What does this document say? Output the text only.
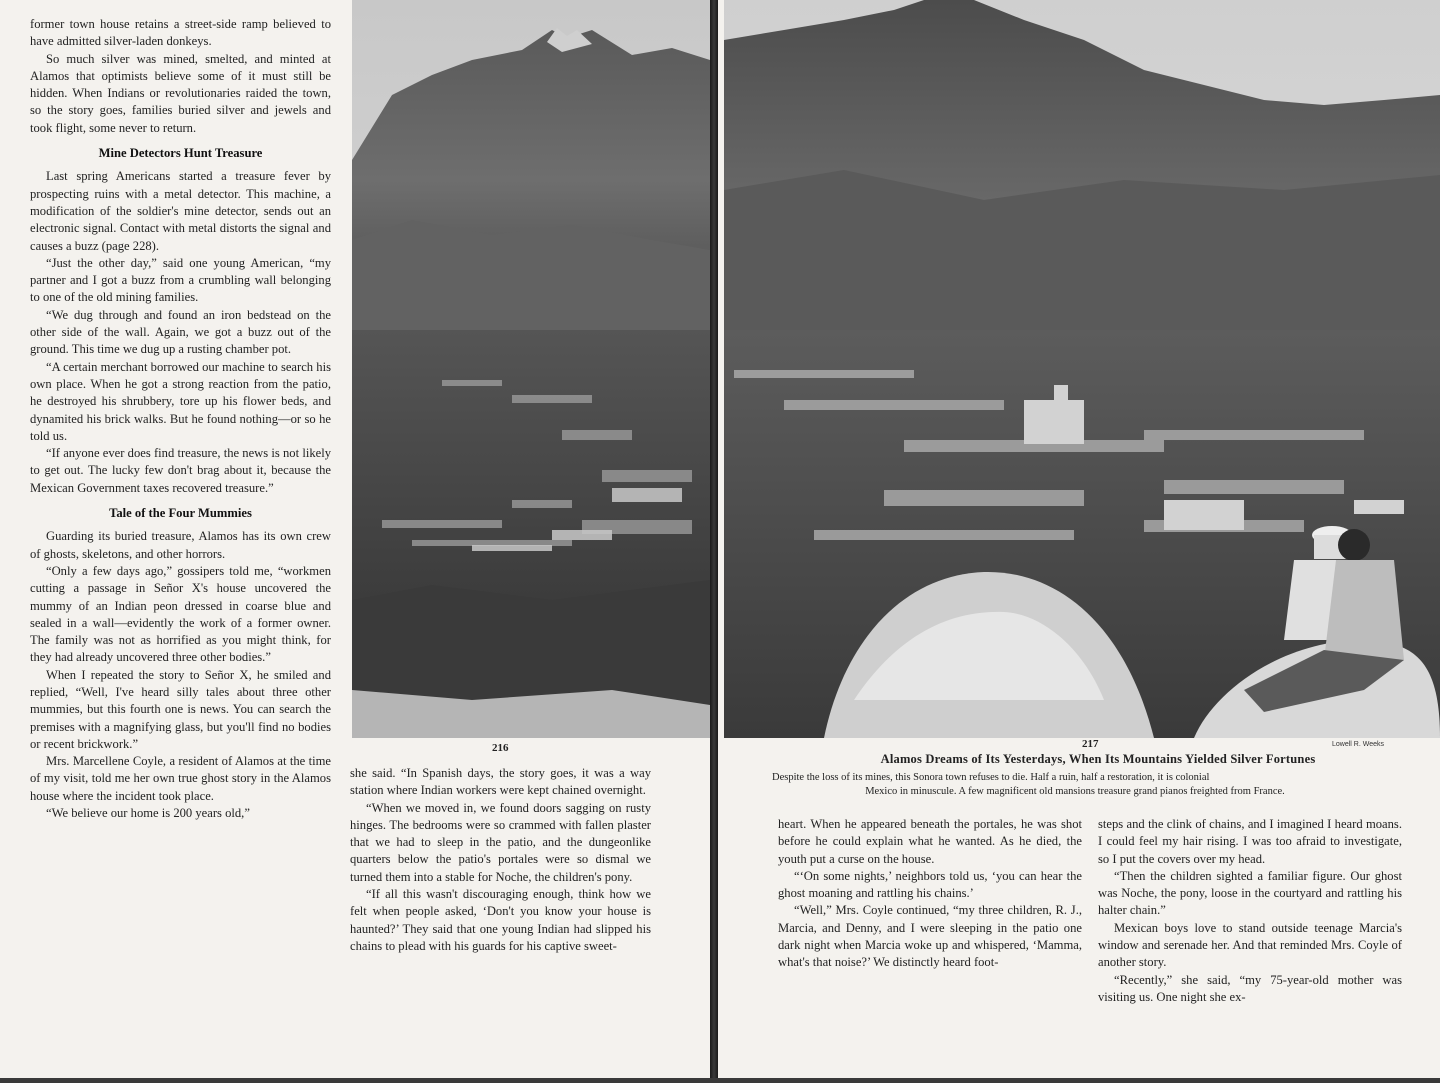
former town house retains a street-side ramp believed to have admitted silver-laden donkeys.

So much silver was mined, smelted, and minted at Alamos that optimists believe some of it must still be hidden. When Indians or revolutionaries raided the town, so the story goes, families buried silver and jewels and took flight, some never to return.

Mine Detectors Hunt Treasure

Last spring Americans started a treasure fever by prospecting ruins with a metal detector. This machine, a modification of the soldier's mine detector, sends out an electronic signal. Contact with metal distorts the signal and causes a buzz (page 228).

“Just the other day,” said one young American, “my partner and I got a buzz from a crumbling wall belonging to one of the old mining families.

“We dug through and found an iron bedstead on the other side of the wall. Again, we got a buzz out of the ground. This time we dug up a rusting chamber pot.

“A certain merchant borrowed our machine to search his own place. When he got a strong reaction from the patio, he destroyed his shrubbery, tore up his flower beds, and dynamited his brick walks. But he found nothing—or so he told us.

“If anyone ever does find treasure, the news is not likely to get out. The lucky few don't brag about it, because the Mexican Government taxes recovered treasure.”

Tale of the Four Mummies

Guarding its buried treasure, Alamos has its own crew of ghosts, skeletons, and other horrors.

“Only a few days ago,” gossipers told me, “workmen cutting a passage in Señor X's house uncovered the mummy of an Indian peon dressed in coarse blue and sealed in a wall—evidently the work of a former owner. The family was not as horrified as you might think, for they had already uncovered three other bodies.”

When I repeated the story to Señor X, he smiled and replied, “Well, I've heard silly tales about three other mummies, but this fourth one is news. You can search the premises with a magnifying glass, but you'll find no bodies or recent brickwork.”

Mrs. Marcellene Coyle, a resident of Alamos at the time of my visit, told me her own true ghost story in the Alamos house where the incident took place.

“We believe our home is 200 years old,”

216

she said. “In Spanish days, the story goes, it was a way station where Indian workers were kept chained overnight.

“When we moved in, we found doors sagging on rusty hinges. The bedrooms were so crammed with fallen plaster that we had to sleep in the patio, and the dungeonlike quarters below the patio's portales were so dismal we turned them into a stable for Noche, the children's pony.

“If all this wasn't discouraging enough, think how we felt when people asked, ‘Don't you know your house is haunted?’ They said that one young Indian had slipped his chains to plead with his guards for his captive sweet-

217	Lowell R. Weeks
Alamos Dreams of Its Yesterdays, When Its Mountains Yielded Silver Fortunes
Despite the loss of its mines, this Sonora town refuses to die. Half a ruin, half a restoration, it is colonial
Mexico in minuscule. A few magnificent old mansions treasure grand pianos freighted from France.

heart. When he appeared beneath the portales, he was shot before he could explain what he wanted. As he died, the youth put a curse on the house.

“‘On some nights,’ neighbors told us, ‘you can hear the ghost moaning and rattling his chains.’

“Well,” Mrs. Coyle continued, “my three children, R. J., Marcia, and Denny, and I were sleeping in the patio one dark night when Marcia woke up and whispered, ‘Mamma, what's that noise?’ We distinctly heard foot-

steps and the clink of chains, and I imagined I heard moans. I could feel my hair rising. I was too afraid to investigate, so I put the covers over my head.

“Then the children sighted a familiar figure. Our ghost was Noche, the pony, loose in the courtyard and rattling his halter chain.”

Mexican boys love to stand outside teenage Marcia's window and serenade her. And that reminded Mrs. Coyle of another story.

“Recently,” she said, “my 75-year-old mother was visiting us. One night she ex-
